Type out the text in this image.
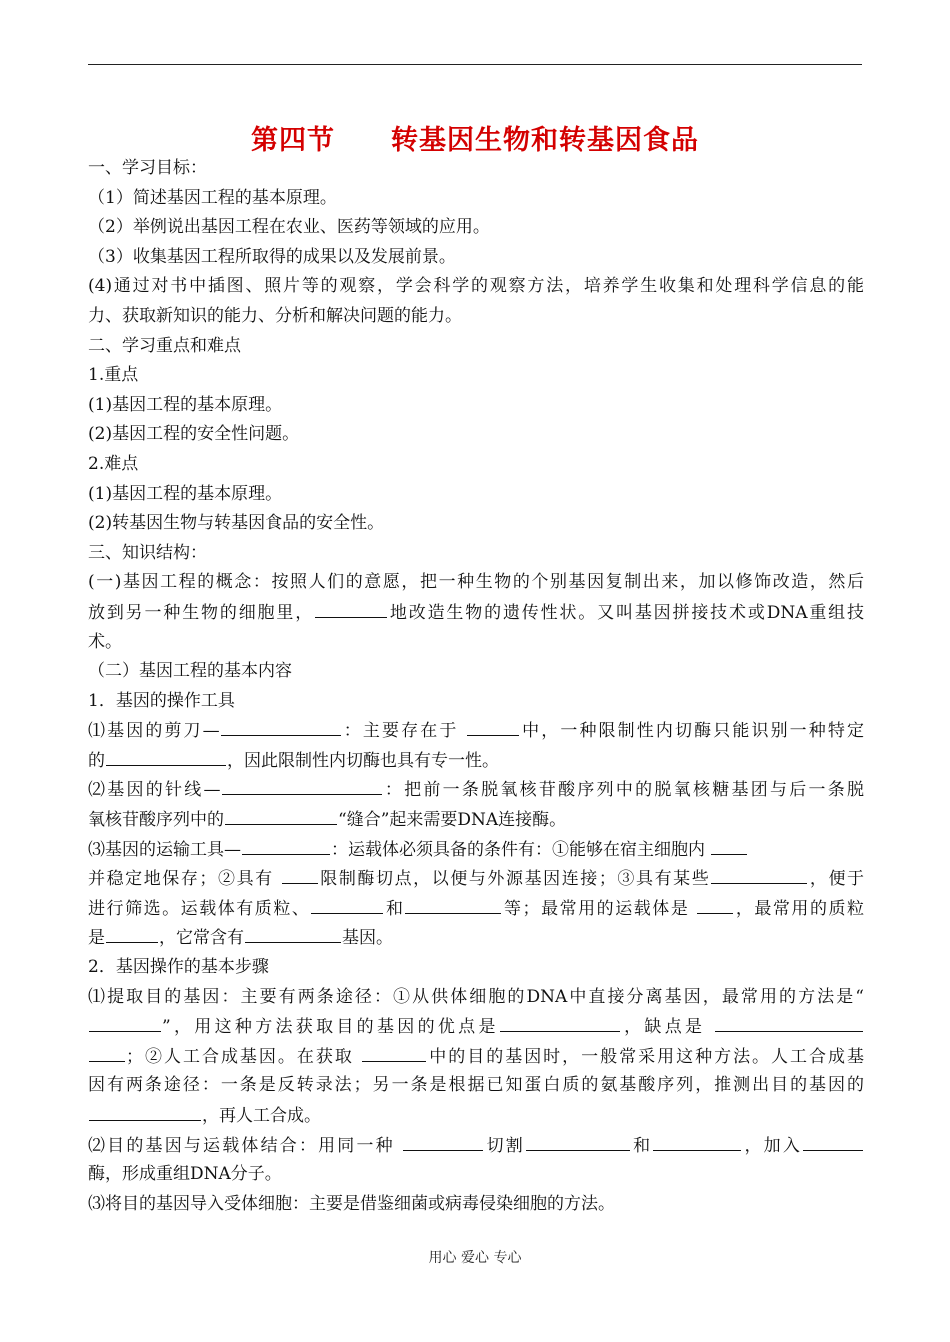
第四节　　转基因生物和转基因食品
一、学习目标：
（1）简述基因工程的基本原理。
（2）举例说出基因工程在农业、医药等领域的应用。
（3）收集基因工程所取得的成果以及发展前景。
(4)通过对书中插图、照片等的观察，学会科学的观察方法，培养学生收集和处理科学信息的能
力、获取新知识的能力、分析和解决问题的能力。
二、学习重点和难点
1.重点
(1)基因工程的基本原理。
(2)基因工程的安全性问题。
2.难点
(1)基因工程的基本原理。
(2)转基因生物与转基因食品的安全性。
三、知识结构：
(一)基因工程的概念：按照人们的意愿，把一种生物的个别基因复制出来，加以修饰改造，然后
放到另一种生物的细胞里，	地改造生物的遗传性状。又叫基因拼接技术或DNA重组技
术。
（二）基因工程的基本内容
1．基因的操作工具
⑴基因的剪刀—	：主要存在于	中，一种限制性内切酶只能识别一种特定
的	，因此限制性内切酶也具有专一性。
⑵基因的针线—	：把前一条脱氧核苷酸序列中的脱氧核糖基团与后一条脱
氧核苷酸序列中的	“缝合”起来需要DNA连接酶。
⑶基因的运输工具—	：运载体必须具备的条件有：①能够在宿主细胞内
并稳定地保存；②具有 限制酶切点，以便与外源基因连接；③具有某些	，便于
进行筛选。运载体有质粒、	和	等；最常用的运载体是 ，最常用的质粒
是	，它常含有	基因。
2．基因操作的基本步骤
⑴提取目的基因：主要有两条途径：①从供体细胞的DNA中直接分离基因，最常用的方法是“
”，用这种方法获取目的基因的优点是	，缺点是
；②人工合成基因。在获取	中的目的基因时，一般常采用这种方法。人工合成基
因有两条途径：一条是反转录法；另一条是根据已知蛋白质的氨基酸序列，推测出目的基因的
，再人工合成。
⑵目的基因与运载体结合：用同一种	切割	和	，加入
酶，形成重组DNA分子。
⑶将目的基因导入受体细胞：主要是借鉴细菌或病毒侵染细胞的方法。
用心 爱心 专心
